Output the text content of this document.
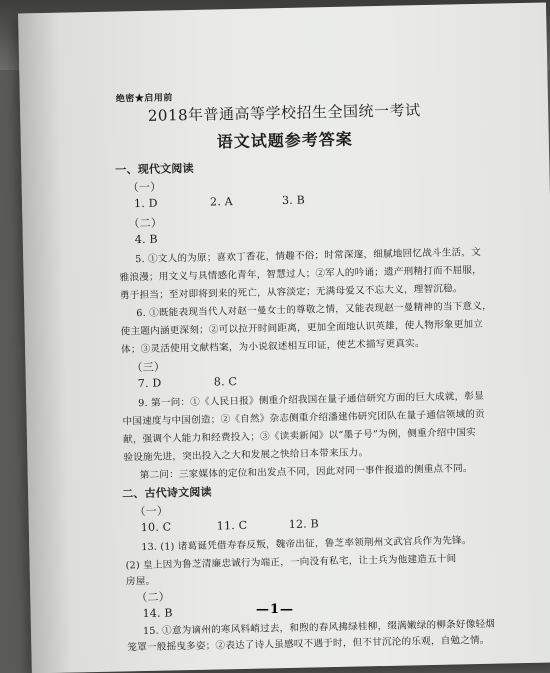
绝密★启用前
2018年普通高等学校招生全国统一考试
语文试题参考答案
一、现代文阅读
（一）
1. D	2. A	3. B
（二）
4. B
5. ①文人的为原；喜欢丁香花，情趣不俗；时常深邃，细腻地回忆战斗生活，文
雅浪漫；用文义与具情感化青年，智慧过人；②军人的吟诵；遗产刑精打而不屈服，
勇于担当；至对即将到来的死亡，从容淡定；无满母爱又不忘大义，理智沉稳。
6. ①既能表现当代人对赵一曼女士的尊敬之情，又能表现赵一曼精神的当下意义，
使主题内涵更深刻；②可以拉开时间距离，更加全面地认识英雄，使人物形象更加立
体；③灵活使用文献档案，为小说叙述相互印证，使艺术描写更真实。
（三）
7. D	8. C
9. 第一问：①《人民日报》侧重介绍我国在量子通信研究方面的巨大成就，彰显
中国速度与中国创造；②《自然》杂志侧重介绍潘建伟研究团队在量子通信领域的贡
献，强调个人能力和经费投入；③《读卖新闻》以“墨子号”为例，侧重介绍中国实
验设施先进，突出投入之大和发展之快给日本带来压力。
第二问：三家媒体的定位和出发点不同，因此对同一事件报道的侧重点不同。
二、古代诗文阅读
（一）
10. C	11. C	12. B
13. (1) 诸葛诞凭借寿春反叛，魏帝出征，鲁芝率领荆州文武官兵作为先锋。
(2) 皇上因为鲁芝清廉忠诚行为端正，一向没有私宅，让士兵为他建造五十间
房屋。
（二）
14. B
15. ①意为谪州的寒风料峭过去，和煦的春风拂绿桂柳，缀满嫩绿的柳条好像轻烟
笼罩一般摇曳多姿；②表达了诗人虽感叹不遇于时，但不甘沉沦的乐观，自勉之情。
—1—
